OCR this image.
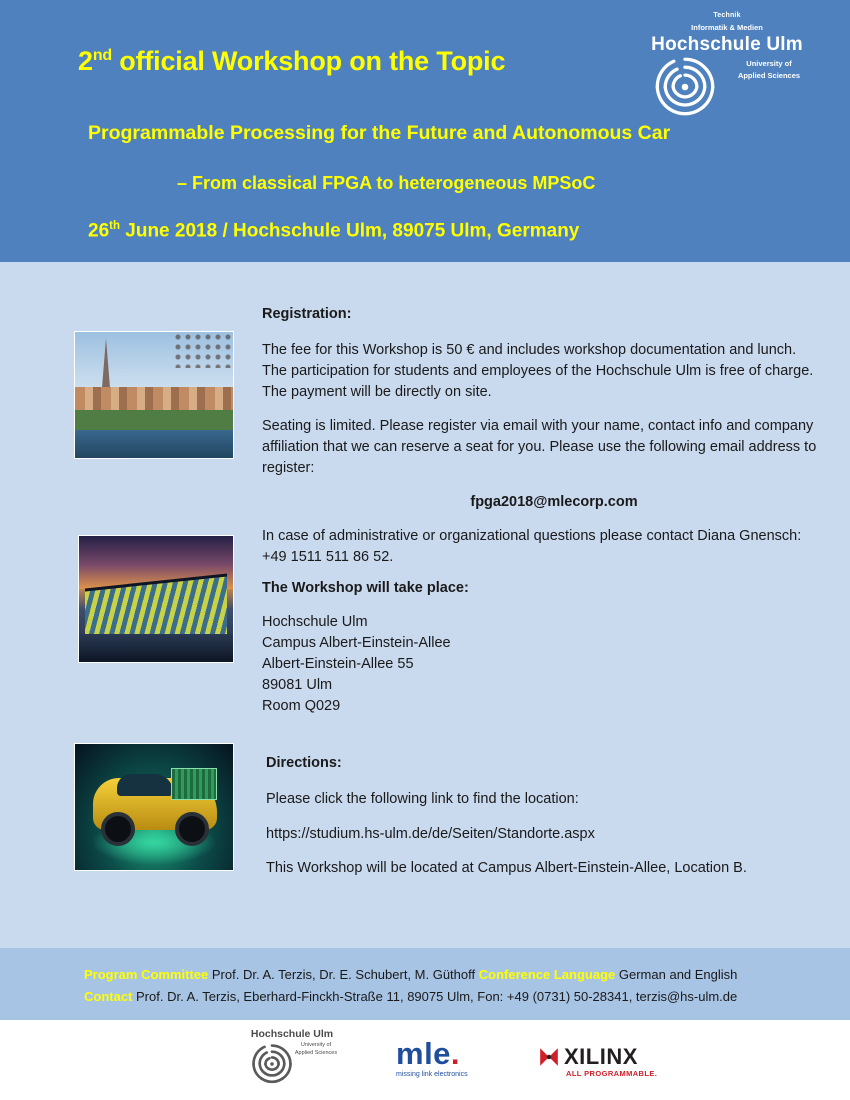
2nd official Workshop on the Topic
Programmable Processing for the Future and Autonomous Car
– From classical FPGA to heterogeneous MPSoC
26th June 2018 / Hochschule Ulm, 89075 Ulm, Germany
Technik
Informatik & Medien
Hochschule Ulm
University of
Applied Sciences
Registration:
The fee for this Workshop is 50 € and includes workshop documentation and lunch. The participation for students and employees of the Hochschule Ulm is free of charge. The payment will be directly on site.
Seating is limited. Please register via email with your name, contact info and company affiliation that we can reserve a seat for you. Please use the following email address to register:
fpga2018@mlecorp.com
In case of administrative or organizational questions please contact Diana Gnensch: +49 1511 511 86 52.
The Workshop will take place:
Hochschule Ulm
Campus Albert-Einstein-Allee
Albert-Einstein-Allee 55
89081 Ulm
Room Q029
Directions:
Please click the following link to find the location:
https://studium.hs-ulm.de/de/Seiten/Standorte.aspx
This Workshop will be located at Campus Albert-Einstein-Allee, Location B.
Program Committee Prof. Dr. A. Terzis, Dr. E. Schubert, M. Güthoff Conference Language German and English
Contact Prof. Dr. A. Terzis, Eberhard-Finckh-Straße 11, 89075 Ulm, Fon: +49 (0731) 50-28341, terzis@hs-ulm.de
Hochschule Ulm
University of
Applied Sciences	mle.
missing link electronics
XILINX
ALL PROGRAMMABLE.
